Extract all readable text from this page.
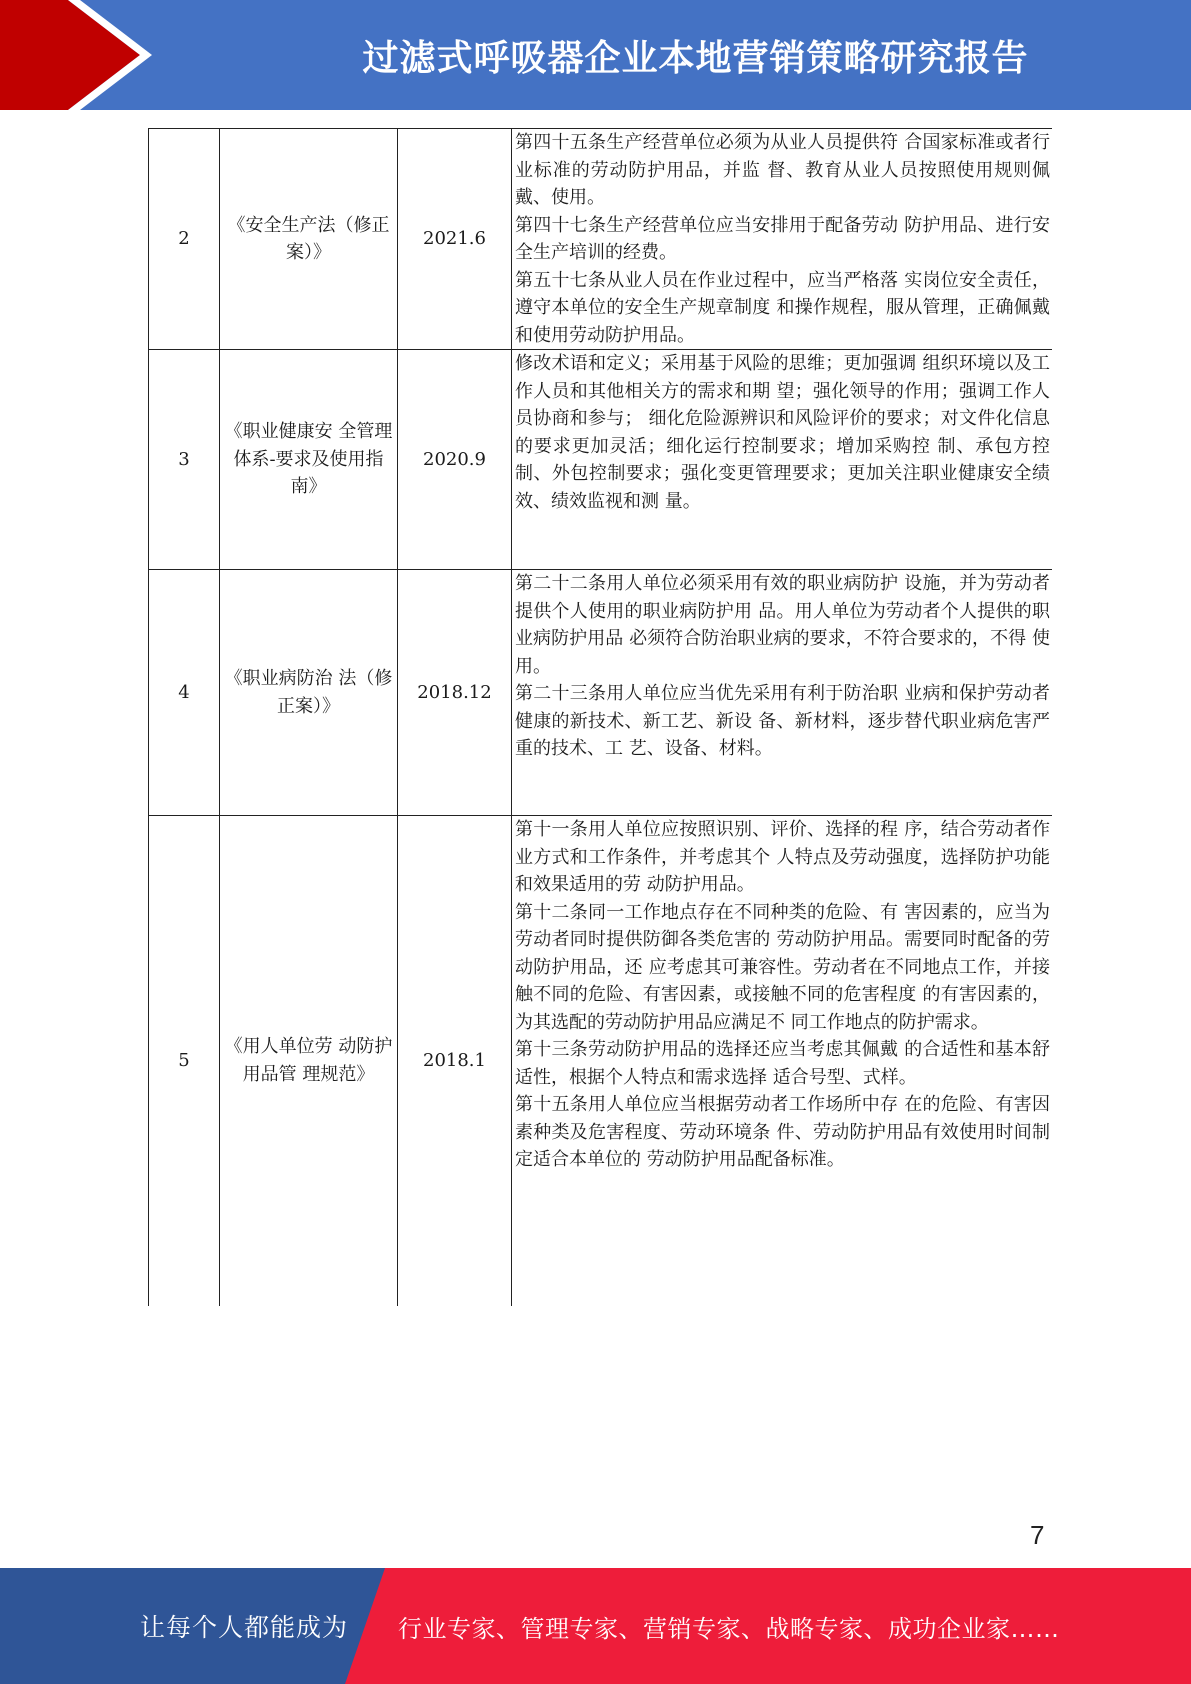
过滤式呼吸器企业本地营销策略研究报告
2	《安全生产法（修正案）》	2021.6	第四十五条生产经营单位必须为从业人员提供符 合国家标准或者行业标准的劳动防护用品，并监 督、教育从业人员按照使用规则佩戴、使用。
第四十七条生产经营单位应当安排用于配备劳动 防护用品、进行安全生产培训的经费。
第五十七条从业人员在作业过程中，应当严格落 实岗位安全责任，遵守本单位的安全生产规章制度 和操作规程，服从管理，正确佩戴和使用劳动防护用品。

3	《职业健康安 全管理体系-要求及使用指 南》	2020.9	修改术语和定义；采用基于风险的思维；更加强调 组织环境以及工作人员和其他相关方的需求和期 望；强化领导的作用；强调工作人员协商和参与； 细化危险源辨识和风险评价的要求；对文件化信息 的要求更加灵活；细化运行控制要求；增加采购控 制、承包方控制、外包控制要求；强化变更管理要求；更加关注职业健康安全绩效、绩效监视和测 量。

4	《职业病防治 法（修正案）》	2018.12	第二十二条用人单位必须采用有效的职业病防护 设施，并为劳动者提供个人使用的职业病防护用 品。用人单位为劳动者个人提供的职业病防护用品 必须符合防治职业病的要求，不符合要求的，不得 使用。
第二十三条用人单位应当优先采用有利于防治职 业病和保护劳动者健康的新技术、新工艺、新设 备、新材料，逐步替代职业病危害严重的技术、工 艺、设备、材料。

5	《用人单位劳 动防护用品管 理规范》	2018.1	第十一条用人单位应按照识别、评价、选择的程 序，结合劳动者作业方式和工作条件，并考虑其个 人特点及劳动强度，选择防护功能和效果适用的劳 动防护用品。
第十二条同一工作地点存在不同种类的危险、有 害因素的，应当为劳动者同时提供防御各类危害的 劳动防护用品。需要同时配备的劳动防护用品，还 应考虑其可兼容性。劳动者在不同地点工作，并接 触不同的危险、有害因素，或接触不同的危害程度 的有害因素的，为其选配的劳动防护用品应满足不 同工作地点的防护需求。
第十三条劳动防护用品的选择还应当考虑其佩戴 的合适性和基本舒适性，根据个人特点和需求选择 适合号型、式样。
第十五条用人单位应当根据劳动者工作场所中存 在的危险、有害因素种类及危害程度、劳动环境条 件、劳动防护用品有效使用时间制定适合本单位的 劳动防护用品配备标准。
7
让每个人都能成为 行业专家、管理专家、营销专家、战略专家、成功企业家……
